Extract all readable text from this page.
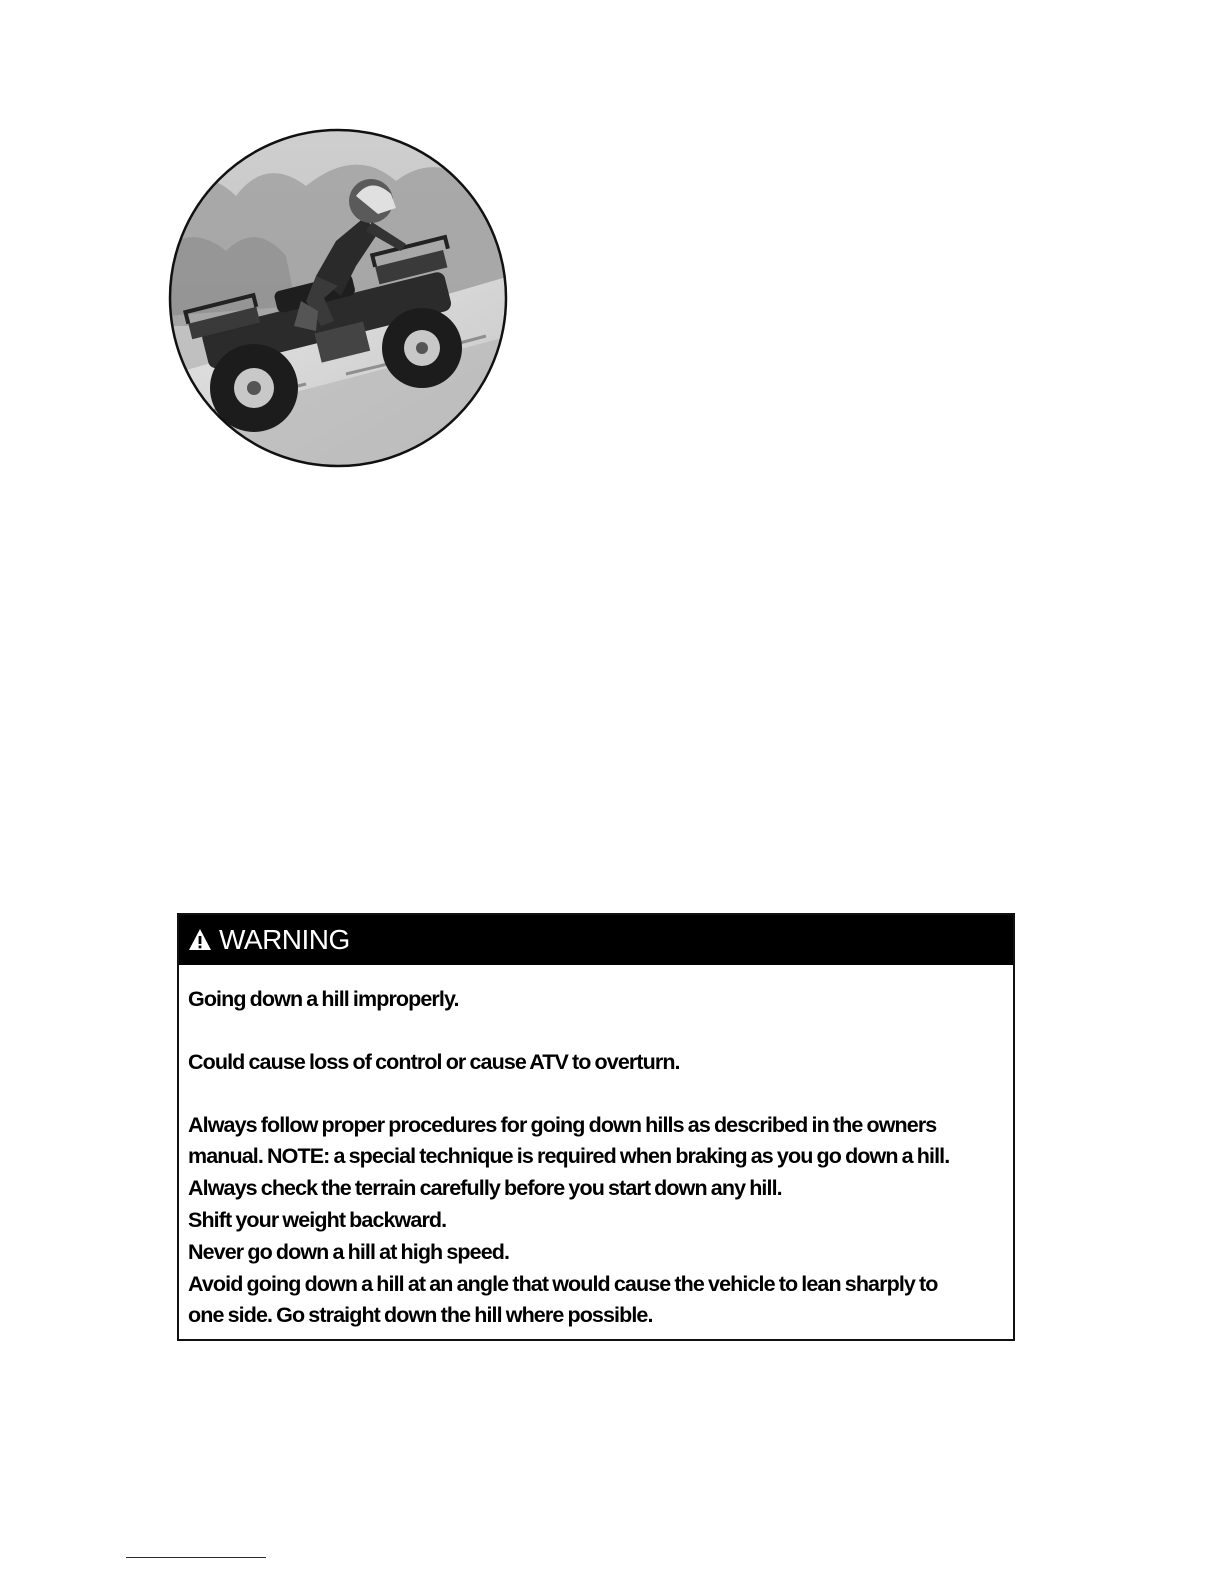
WARNING

Going down a hill improperly.

Could cause loss of control or cause ATV to overturn.

Always follow proper procedures for going down hills as described in the owners

manual. NOTE: a special technique is required when braking as you go down a hill.

Always check the terrain carefully before you start down any hill.

Shift your weight backward.

Never go down a hill at high speed.

Avoid going down a hill at an angle that would cause the vehicle to lean sharply to

one side. Go straight down the hill where possible.
